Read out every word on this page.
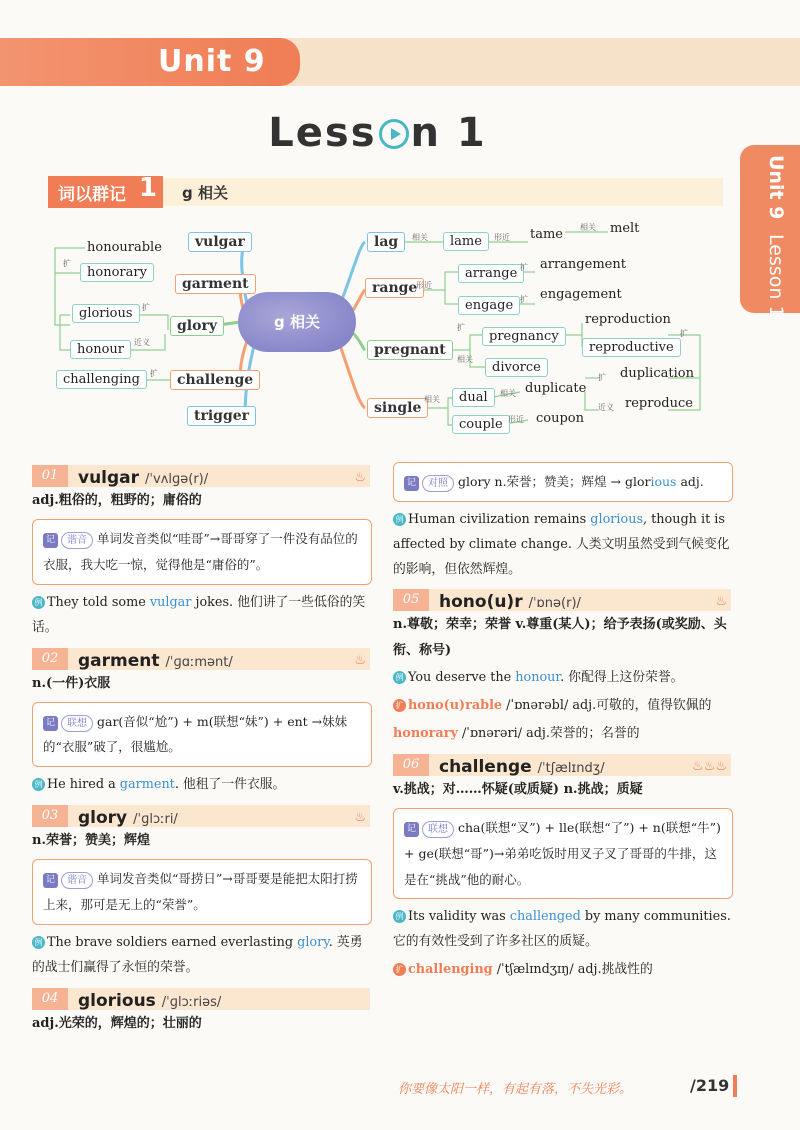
Unit 9
Less n 1
Unit 9 Lesson 1
词以群记 1 g 相关
g 相关
vulgar
garment
glory
challenge
trigger
honourable
honorary
glorious
honour
challenging
扩
扩
近义
扩
lag
range
pregnant
single
lame	tame	melt
相关	形近
相关
arrange
arrangement
engage
engagement
形近
扩
扩
pregnancy
divorce
reproduction
reproductive
duplication
reproduce
扩
相关
扩
扩
近义
dual
duplicate
couple	coupon
相关
相关
形近
01	vulgar /ˈvʌlɡə(r)/	♨
adj.粗俗的，粗野的；庸俗的
记 谐音 单词发音类似“哇哥”→哥哥穿了一件没有品位的衣服，我大吃一惊，觉得他是“庸俗的”。
例 They told some vulgar jokes. 他们讲了一些低俗的笑话。
02	garment /ˈɡɑːmənt/	♨
n.(一件)衣服
记 联想 gar(音似“尬”) + m(联想“妹”) + ent →妹妹的“衣服”破了，很尴尬。
例 He hired a garment. 他租了一件衣服。
03	glory /ˈɡlɔːri/	♨
n.荣誉；赞美；辉煌
记 谐音 单词发音类似“哥捞日”→哥哥要是能把太阳打捞上来，那可是无上的“荣誉”。
例 The brave soldiers earned everlasting glory. 英勇的战士们赢得了永恒的荣誉。
04	glorious /ˈɡlɔːriəs/
adj.光荣的，辉煌的；壮丽的
记 对照 glory n.荣誉；赞美；辉煌 → glorious adj.
例 Human civilization remains glorious, though it is affected by climate change. 人类文明虽然受到气候变化的影响，但依然辉煌。
05	hono(u)r /ˈɒnə(r)/	♨
n.尊敬；荣幸；荣誉 v.尊重(某人)；给予表扬(或奖励、头衔、称号)
例 You deserve the honour. 你配得上这份荣誉。
扩 hono(u)rable /ˈɒnərəbl/ adj.可敬的，值得钦佩的
honorary /ˈɒnərəri/ adj.荣誉的；名誉的
06	challenge /ˈtʃælɪndʒ/	♨♨♨
v.挑战；对……怀疑(或质疑) n.挑战；质疑
记 联想 cha(联想“叉”) + lle(联想“了”) + n(联想“牛”) + ge(联想“哥”)→弟弟吃饭时用叉子叉了哥哥的牛排，这是在“挑战”他的耐心。
例 Its validity was challenged by many communities. 它的有效性受到了许多社区的质疑。
扩 challenging /ˈtʃælɪndʒɪŋ/ adj.挑战性的
你要像太阳一样，有起有落，不失光彩。	/219
